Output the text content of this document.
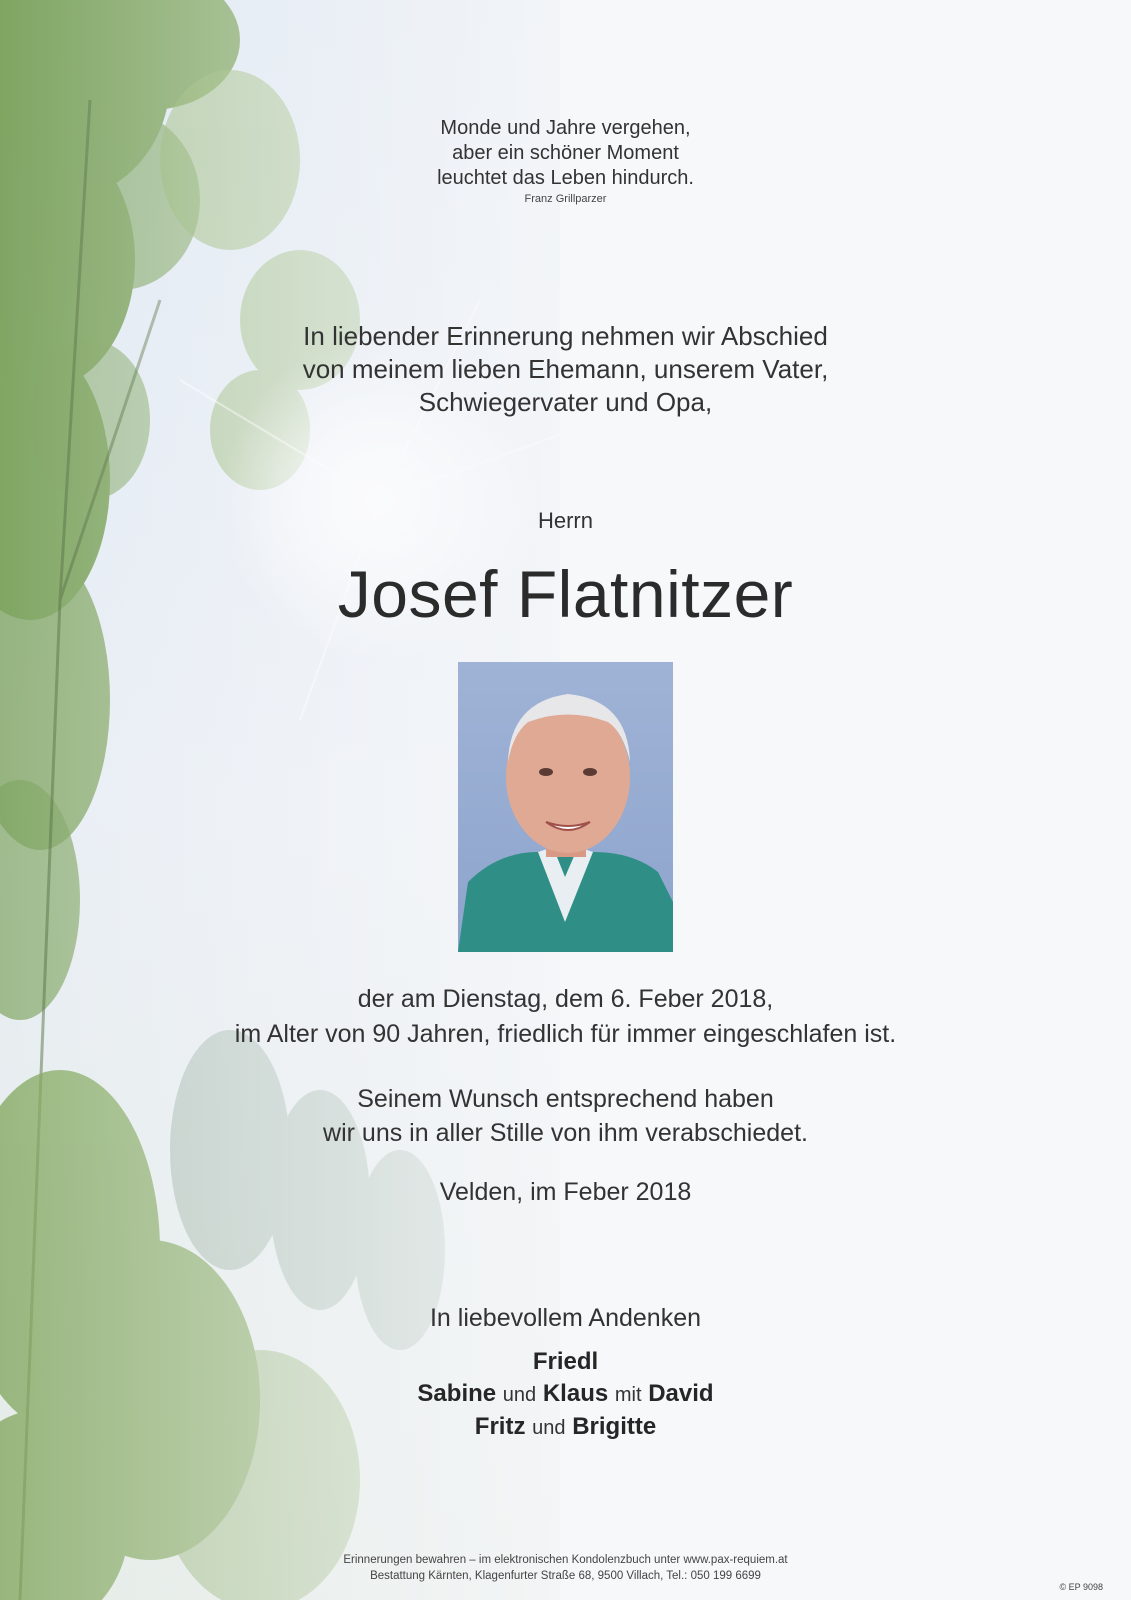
Monde und Jahre vergehen,
aber ein schöner Moment
leuchtet das Leben hindurch.
Franz Grillparzer
In liebender Erinnerung nehmen wir Abschied
von meinem lieben Ehemann, unserem Vater,
Schwiegervater und Opa,
Herrn
Josef Flatnitzer
der am Dienstag, dem 6. Feber 2018,
im Alter von 90 Jahren, friedlich für immer eingeschlafen ist.
Seinem Wunsch entsprechend haben
wir uns in aller Stille von ihm verabschiedet.
Velden, im Feber 2018
In liebevollem Andenken
Friedl
Sabine und Klaus mit David
Fritz und Brigitte
Erinnerungen bewahren – im elektronischen Kondolenzbuch unter www.pax-requiem.at
Bestattung Kärnten, Klagenfurter Straße 68, 9500 Villach, Tel.: 050 199 6699
© EP 9098
